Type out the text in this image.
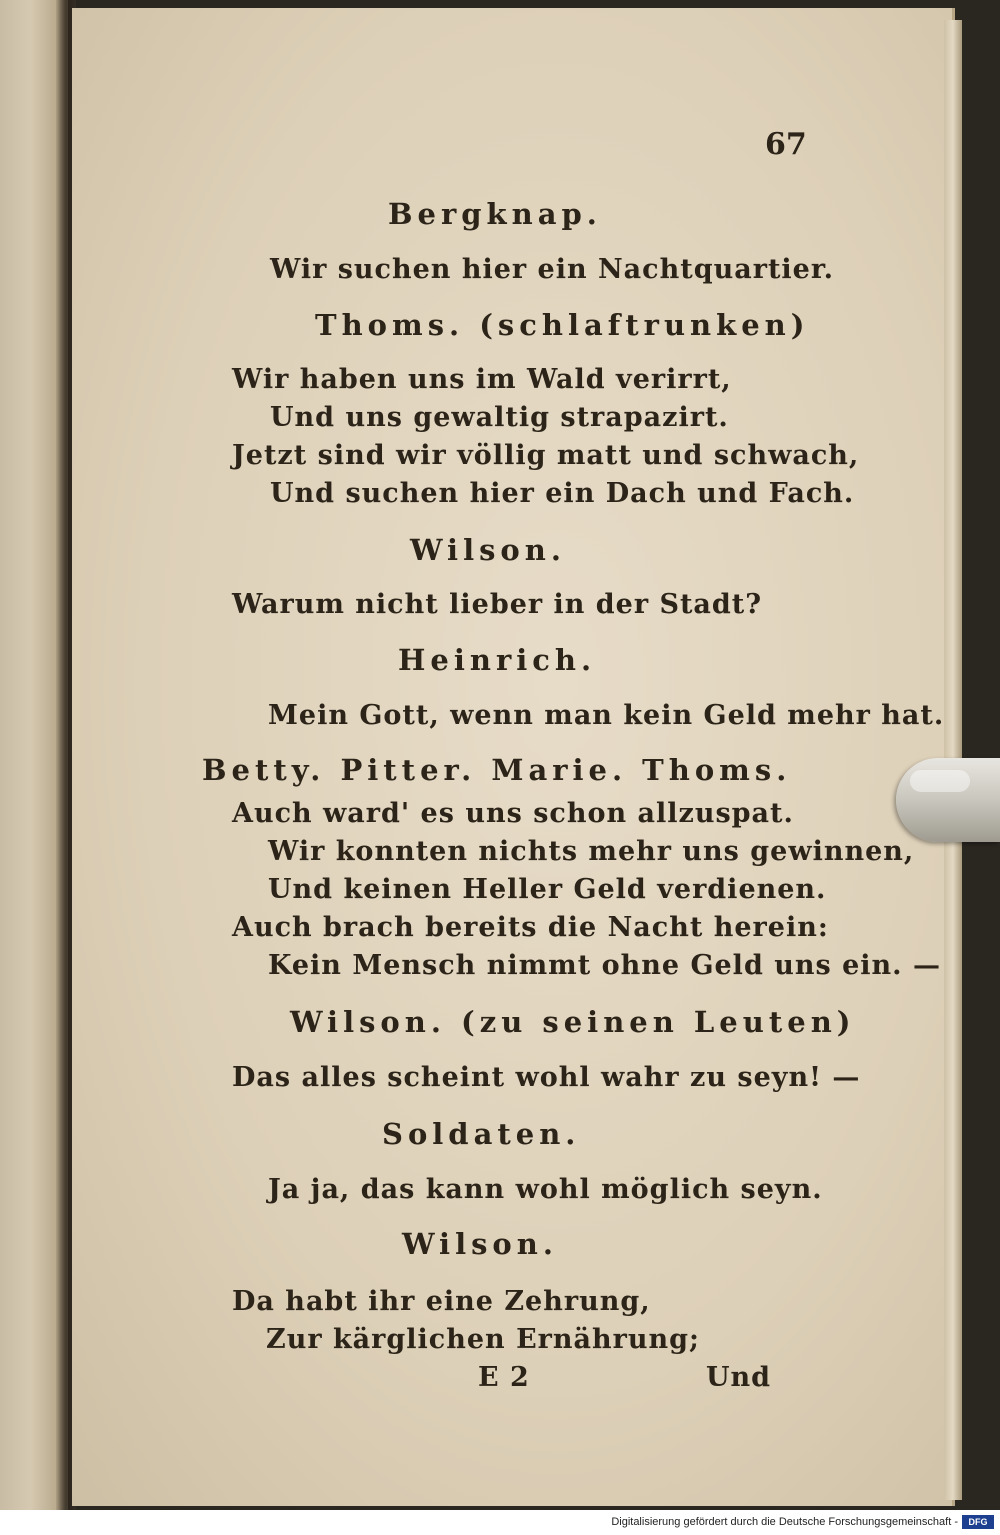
67
Bergknap.
Wir suchen hier ein Nachtquartier.
Thoms. (schlaftrunken)
Wir haben uns im Wald verirrt,
Und uns gewaltig strapazirt.
Jetzt sind wir völlig matt und schwach,
Und suchen hier ein Dach und Fach.
Wilson.
Warum nicht lieber in der Stadt?
Heinrich.
Mein Gott, wenn man kein Geld mehr hat.
Betty. Pitter. Marie. Thoms.
Auch ward' es uns schon allzuspat.
Wir konnten nichts mehr uns gewinnen,
Und keinen Heller Geld verdienen.
Auch brach bereits die Nacht herein:
Kein Mensch nimmt ohne Geld uns ein. —
Wilson. (zu seinen Leuten)
Das alles scheint wohl wahr zu seyn! —
Soldaten.
Ja ja, das kann wohl möglich seyn.
Wilson.
Da habt ihr eine Zehrung,
Zur kärglichen Ernährung;
E 2	Und
Digitalisierung gefördert durch die Deutsche Forschungsgemeinschaft -	DFG
